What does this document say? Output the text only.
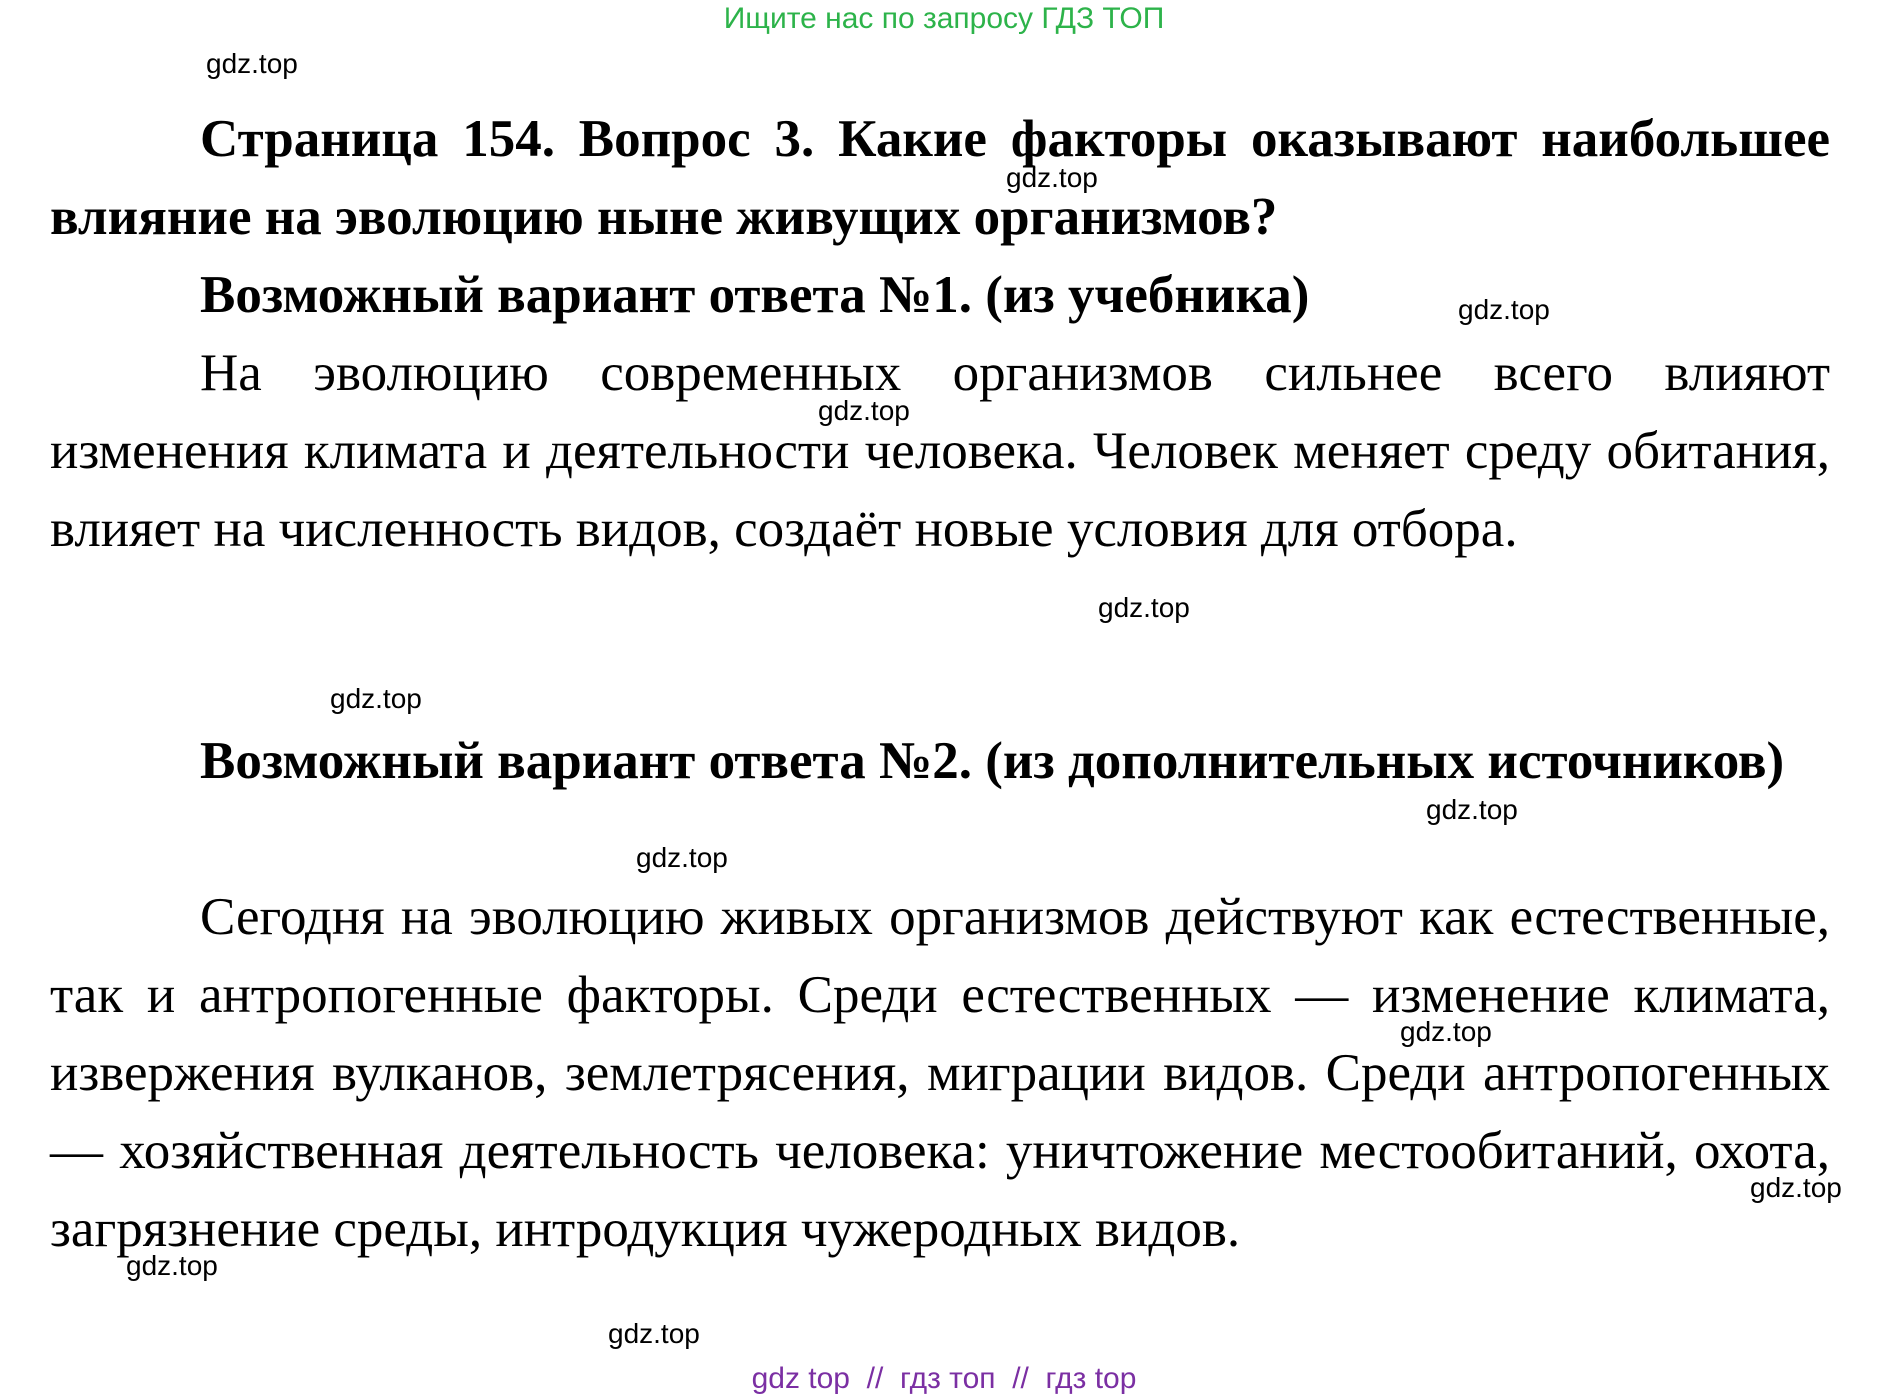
Ищите нас по запросу ГДЗ ТОП
Страница 154. Вопрос 3. Какие факторы оказывают наибольшее влияние на эволюцию ныне живущих организмов?
Возможный вариант ответа №1. (из учебника)
На эволюцию современных организмов сильнее всего влияют изменения климата и деятельности человека. Человек меняет среду обитания, влияет на численность видов, создаёт новые условия для отбора.
Возможный вариант ответа №2. (из дополнительных источников)
Сегодня на эволюцию живых организмов действуют как естественные, так и антропогенные факторы. Среди естественных — изменение климата, извержения вулканов, землетрясения, миграции видов. Среди антропогенных — хозяйственная деятельность человека: уничтожение местообитаний, охота, загрязнение среды, интродукция чужеродных видов.
gdz.top
gdz.top
gdz.top
gdz.top
gdz.top
gdz.top
gdz.top
gdz.top
gdz.top
gdz.top
gdz.top
gdz.top
gdz top  //  гдз топ  //  гдз top
